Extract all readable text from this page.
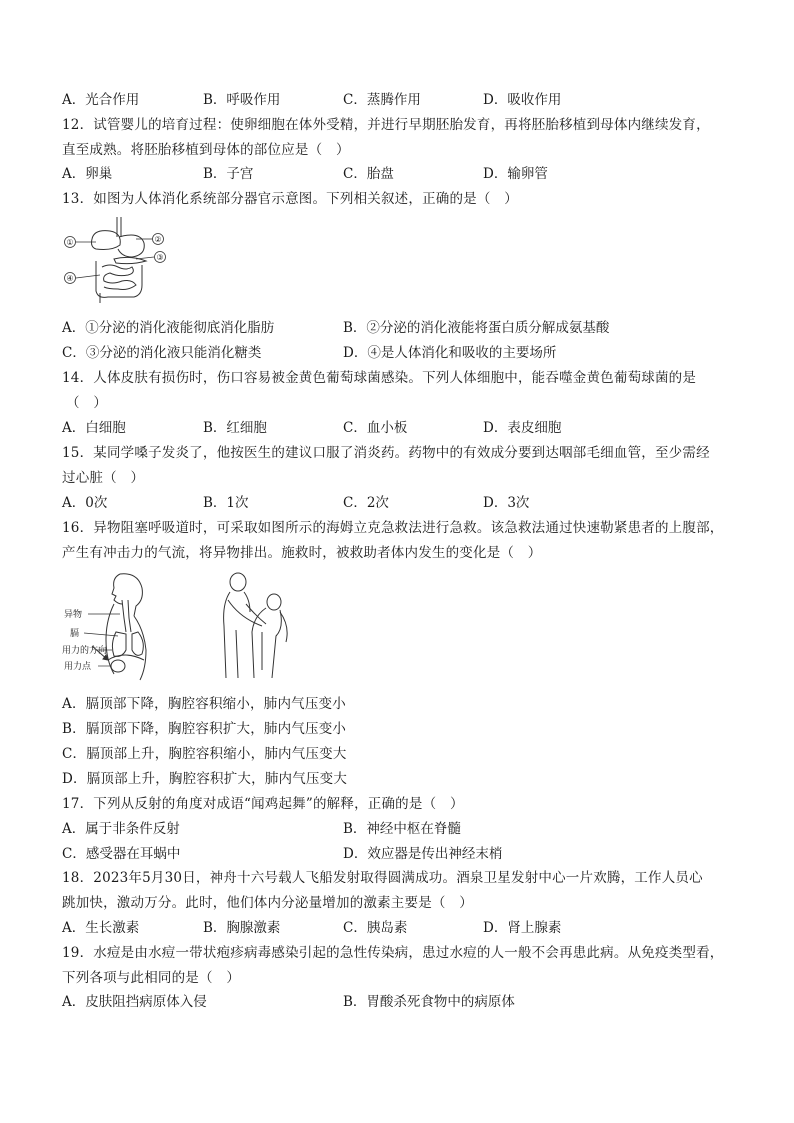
A．光合作用	B．呼吸作用	C．蒸腾作用	D．吸收作用
12．试管婴儿的培育过程：使卵细胞在体外受精，并进行早期胚胎发育，再将胚胎移植到母体内继续发育，
直至成熟。将胚胎移植到母体的部位应是（　）
A．卵巢	B．子宫	C．胎盘	D．输卵管
13．如图为人体消化系统部分器官示意图。下列相关叙述，正确的是（　）
①	②
③
④
A．①分泌的消化液能彻底消化脂肪	B．②分泌的消化液能将蛋白质分解成氨基酸
C．③分泌的消化液只能消化糖类	D．④是人体消化和吸收的主要场所
14．人体皮肤有损伤时，伤口容易被金黄色葡萄球菌感染。下列人体细胞中，能吞噬金黄色葡萄球菌的是
（　）
A．白细胞	B．红细胞	C．血小板	D．表皮细胞
15．某同学嗓子发炎了，他按医生的建议口服了消炎药。药物中的有效成分要到达咽部毛细血管，至少需经
过心脏（　）
A．0次	B．1次	C．2次	D．3次
16．异物阻塞呼吸道时，可采取如图所示的海姆立克急救法进行急救。该急救法通过快速勒紧患者的上腹部，
产生有冲击力的气流，将异物排出。施救时，被救助者体内发生的变化是（　）
异物
膈
用力的方向
用力点
A．膈顶部下降，胸腔容积缩小，肺内气压变小
B．膈顶部下降，胸腔容积扩大，肺内气压变小
C．膈顶部上升，胸腔容积缩小，肺内气压变大
D．膈顶部上升，胸腔容积扩大，肺内气压变大
17．下列从反射的角度对成语“闻鸡起舞”的解释，正确的是（　）
A．属于非条件反射	B．神经中枢在脊髓
C．感受器在耳蜗中	D．效应器是传出神经末梢
18．2023年5月30日，神舟十六号载人飞船发射取得圆满成功。酒泉卫星发射中心一片欢腾，工作人员心
跳加快，激动万分。此时，他们体内分泌量增加的激素主要是（　）
A．生长激素	B．胸腺激素	C．胰岛素	D．肾上腺素
19．水痘是由水痘一带状疱疹病毒感染引起的急性传染病，患过水痘的人一般不会再患此病。从免疫类型看，
下列各项与此相同的是（　）
A．皮肤阻挡病原体入侵	B．胃酸杀死食物中的病原体
